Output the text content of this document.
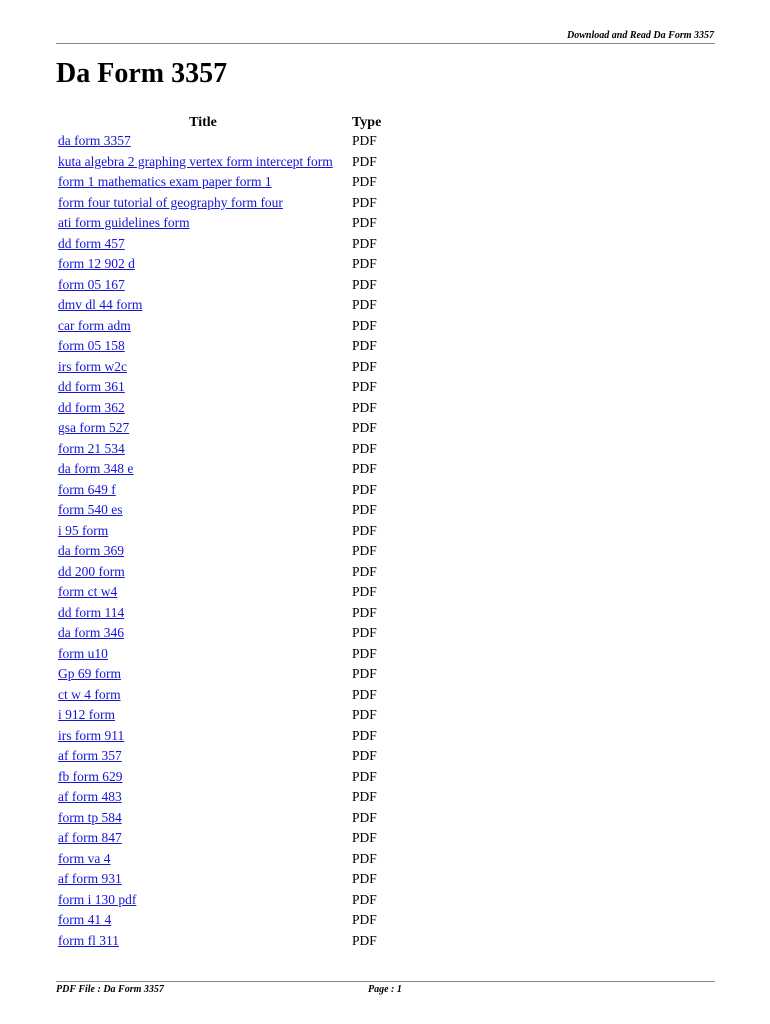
Download and Read Da Form 3357
Da Form 3357
Title	Type
da form 3357	PDF
kuta algebra 2 graphing vertex form intercept form	PDF
form 1 mathematics exam paper form 1	PDF
form four tutorial of geography form four	PDF
ati form guidelines form	PDF
dd form 457	PDF
form 12 902 d	PDF
form 05 167	PDF
dmv dl 44 form	PDF
car form adm	PDF
form 05 158	PDF
irs form w2c	PDF
dd form 361	PDF
dd form 362	PDF
gsa form 527	PDF
form 21 534	PDF
da form 348 e	PDF
form 649 f	PDF
form 540 es	PDF
i 95 form	PDF
da form 369	PDF
dd 200 form	PDF
form ct w4	PDF
dd form 114	PDF
da form 346	PDF
form u10	PDF
Gp 69 form	PDF
ct w 4 form	PDF
i 912 form	PDF
irs form 911	PDF
af form 357	PDF
fb form 629	PDF
af form 483	PDF
form tp 584	PDF
af form 847	PDF
form va 4	PDF
af form 931	PDF
form i 130 pdf	PDF
form 41 4	PDF
form fl 311	PDF
PDF File : Da Form 3357	Page : 1
